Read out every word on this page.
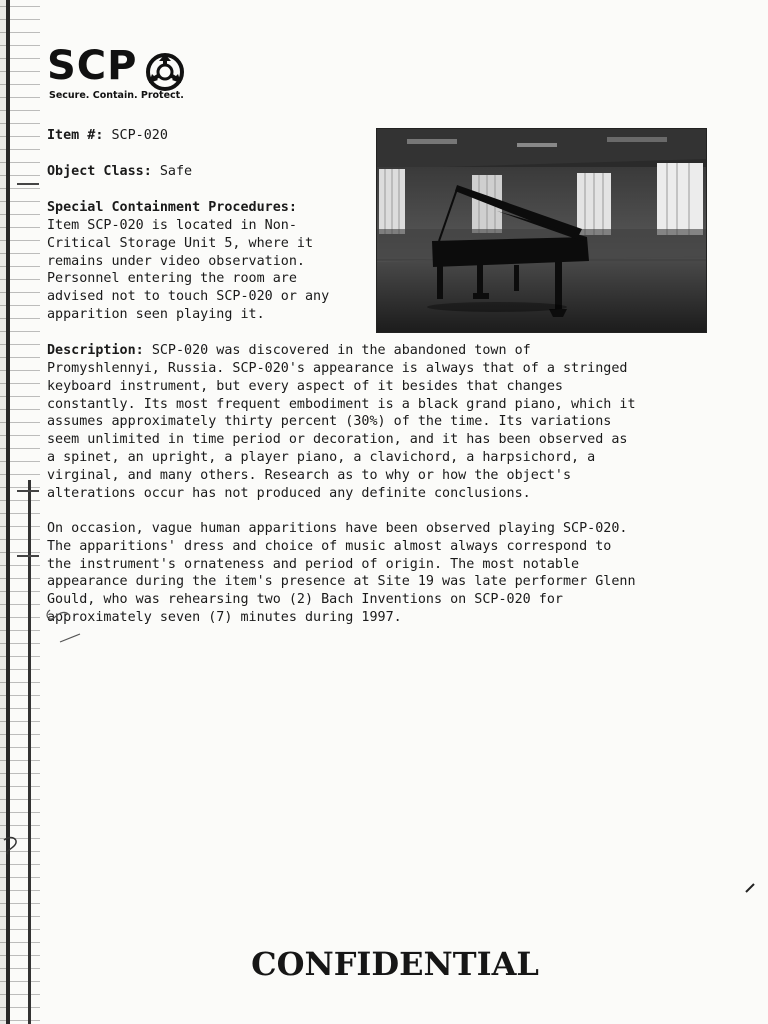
SCP
Secure. Contain. Protect.
Item #: SCP-020
Object Class: Safe
Special Containment Procedures:
Item SCP-020 is located in Non-
Critical Storage Unit 5, where it
remains under video observation.
Personnel entering the room are
advised not to touch SCP-020 or any
apparition seen playing it.
Description: SCP-020 was discovered in the abandoned town of
Promyshlennyi, Russia. SCP-020's appearance is always that of a stringed
keyboard instrument, but every aspect of it besides that changes
constantly. Its most frequent embodiment is a black grand piano, which it
assumes approximately thirty percent (30%) of the time. Its variations
seem unlimited in time period or decoration, and it has been observed as
a spinet, an upright, a player piano, a clavichord, a harpsichord, a
virginal, and many others. Research as to why or how the object's
alterations occur has not produced any definite conclusions.
On occasion, vague human apparitions have been observed playing SCP-020.
The apparitions' dress and choice of music almost always correspond to
the instrument's ornateness and period of origin. The most notable
appearance during the item's presence at Site 19 was late performer Glenn
Gould, who was rehearsing two (2) Bach Inventions on SCP-020 for
approximately seven (7) minutes during 1997.
CONFIDENTIAL
